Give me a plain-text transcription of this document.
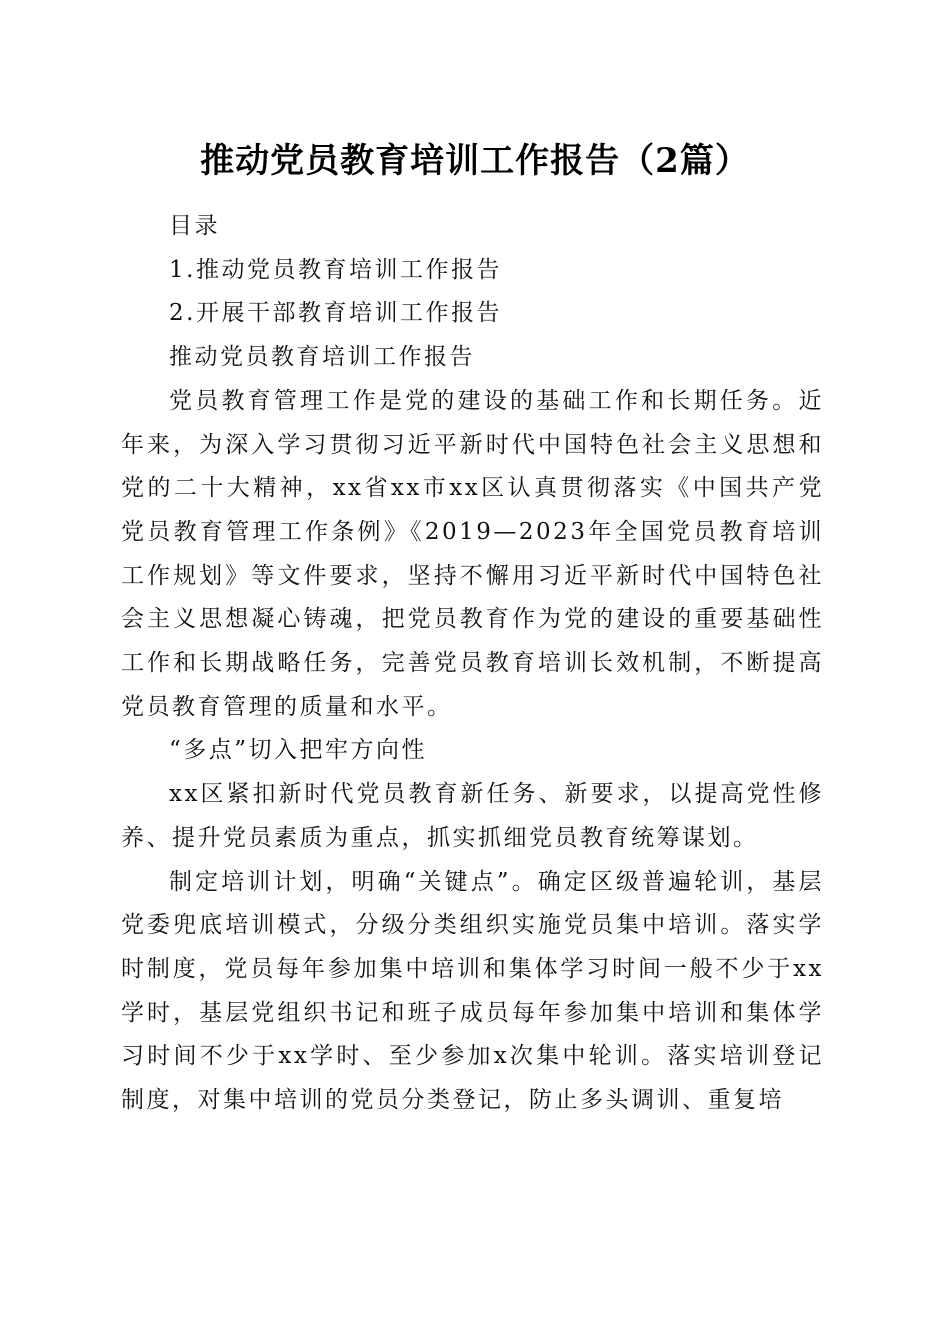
推动党员教育培训工作报告（2篇）

目录

1.推动党员教育培训工作报告

2.开展干部教育培训工作报告

推动党员教育培训工作报告

党员教育管理工作是党的建设的基础工作和长期任务。近年来，为深入学习贯彻习近平新时代中国特色社会主义思想和党的二十大精神，xx省xx市xx区认真贯彻落实《中国共产党党员教育管理工作条例》《2019—2023年全国党员教育培训工作规划》等文件要求，坚持不懈用习近平新时代中国特色社会主义思想凝心铸魂，把党员教育作为党的建设的重要基础性工作和长期战略任务，完善党员教育培训长效机制，不断提高党员教育管理的质量和水平。

“多点”切入把牢方向性

xx区紧扣新时代党员教育新任务、新要求，以提高党性修养、提升党员素质为重点，抓实抓细党员教育统筹谋划。

制定培训计划，明确“关键点”。确定区级普遍轮训，基层党委兜底培训模式，分级分类组织实施党员集中培训。落实学时制度，党员每年参加集中培训和集体学习时间一般不少于xx学时，基层党组织书记和班子成员每年参加集中培训和集体学习时间不少于xx学时、至少参加x次集中轮训。落实培训登记制度，对集中培训的党员分类登记，防止多头调训、重复培
